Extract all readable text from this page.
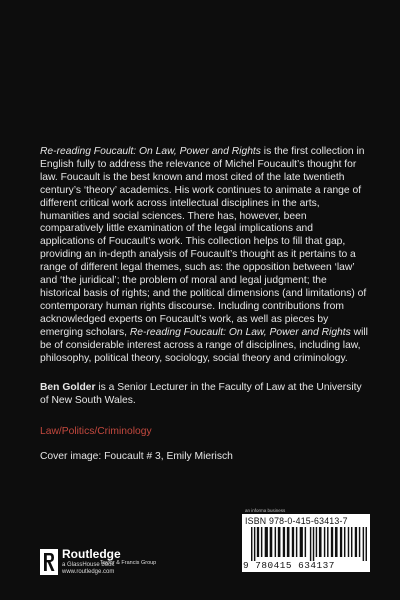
Re-reading Foucault: On Law, Power and Rights is the first collection in English fully to address the relevance of Michel Foucault’s thought for law. Foucault is the best known and most cited of the late twentieth century’s ‘theory’ academics. His work continues to animate a range of different critical work across intellectual disciplines in the arts, humanities and social sciences. There has, however, been comparatively little examination of the legal implications and applications of Foucault’s work. This collection helps to fill that gap, providing an in-depth analysis of Foucault’s thought as it pertains to a range of different legal themes, such as: the opposition between ‘law’ and ‘the juridical’; the problem of moral and legal judgment; the historical basis of rights; and the political dimensions (and limitations) of contemporary human rights discourse. Including contributions from acknowledged experts on Foucault’s work, as well as pieces by emerging scholars, Re-reading Foucault: On Law, Power and Rights will be of considerable interest across a range of disciplines, including law, philosophy, political theory, sociology, social theory and criminology.

Ben Golder is a Senior Lecturer in the Faculty of Law at the University of New South Wales.

Law/Politics/Criminology
Cover image: Foucault # 3, Emily Mierisch
Routledge
Taylor & Francis Group
a GlassHouse book
www.routledge.com
an informa business
ISBN 978-0-415-63413-7
9 780415 634137
